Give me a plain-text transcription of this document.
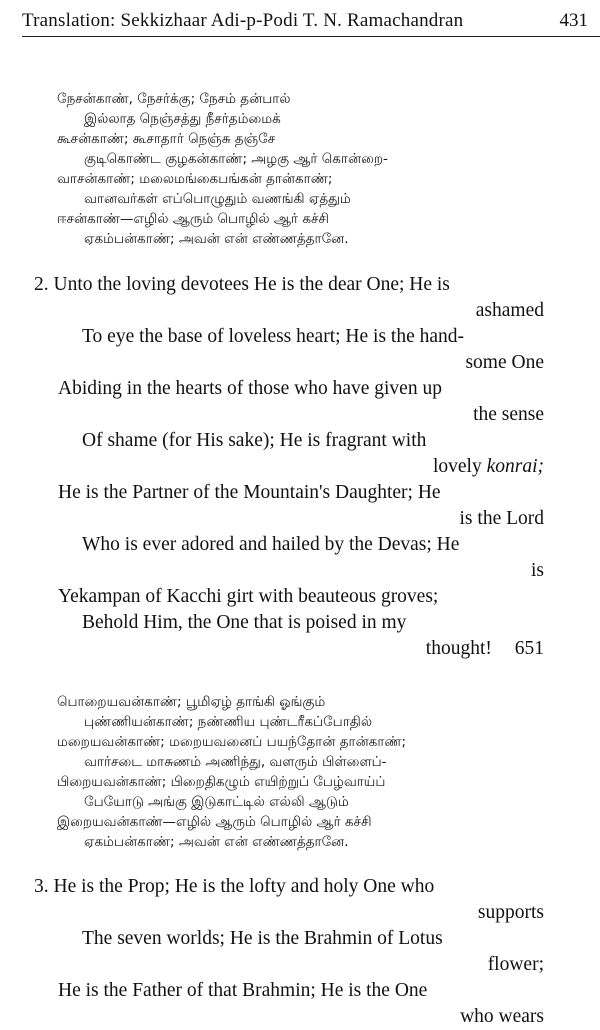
Translation: Sekkizhaar Adi-p-Podi T. N. Ramachandran	431
நேசன்காண், நேசர்க்கு; நேசம் தன்பால்
இல்லாத நெஞ்சத்து நீசர்தம்மைக்
கூசன்காண்; கூசாதார் நெஞ்சு தஞ்சே
குடிகொண்ட குழகன்காண்; அழகு ஆர் கொன்றை-
வாசன்காண்; மலைமங்கைபங்கன் தான்காண்;
வானவர்கள் எப்பொழுதும் வணங்கி ஏத்தும்
ஈசன்காண்—எழில் ஆரும் பொழில் ஆர் கச்சி
ஏகம்பன்காண்; அவன் என் எண்ணத்தானே.
2. Unto the loving devotees He is the dear One; He is
ashamed
To eye the base of loveless heart; He is the hand-
some One
Abiding in the hearts of those who have given up
the sense
Of shame (for His sake); He is fragrant with
lovely konrai;
He is the Partner of the Mountain's Daughter; He
is the Lord
Who is ever adored and hailed by the Devas; He
is
Yekampan of Kacchi girt with beauteous groves;
Behold Him, the One that is poised in my
thought! 651
பொறையவன்காண்; பூமிஏழ் தாங்கி ஓங்கும்
புண்ணியன்காண்; நண்ணிய புண்டரீகப்போதில்
மறையவன்காண்; மறையவனைப் பயந்தோன் தான்காண்;
வார்சடை மாசுணம் அணிந்து, வளரும் பிள்ளைப்-
பிறையவன்காண்; பிறைதிகழும் எயிற்றுப் பேழ்வாய்ப்
பேயோடு அங்கு இடுகாட்டில் எல்லி ஆடும்
இறையவன்காண்—எழில் ஆரும் பொழில் ஆர் கச்சி
ஏகம்பன்காண்; அவன் என் எண்ணத்தானே.
3. He is the Prop; He is the lofty and holy One who
supports
The seven worlds; He is the Brahmin of Lotus
flower;
He is the Father of that Brahmin; He is the One
who wears
